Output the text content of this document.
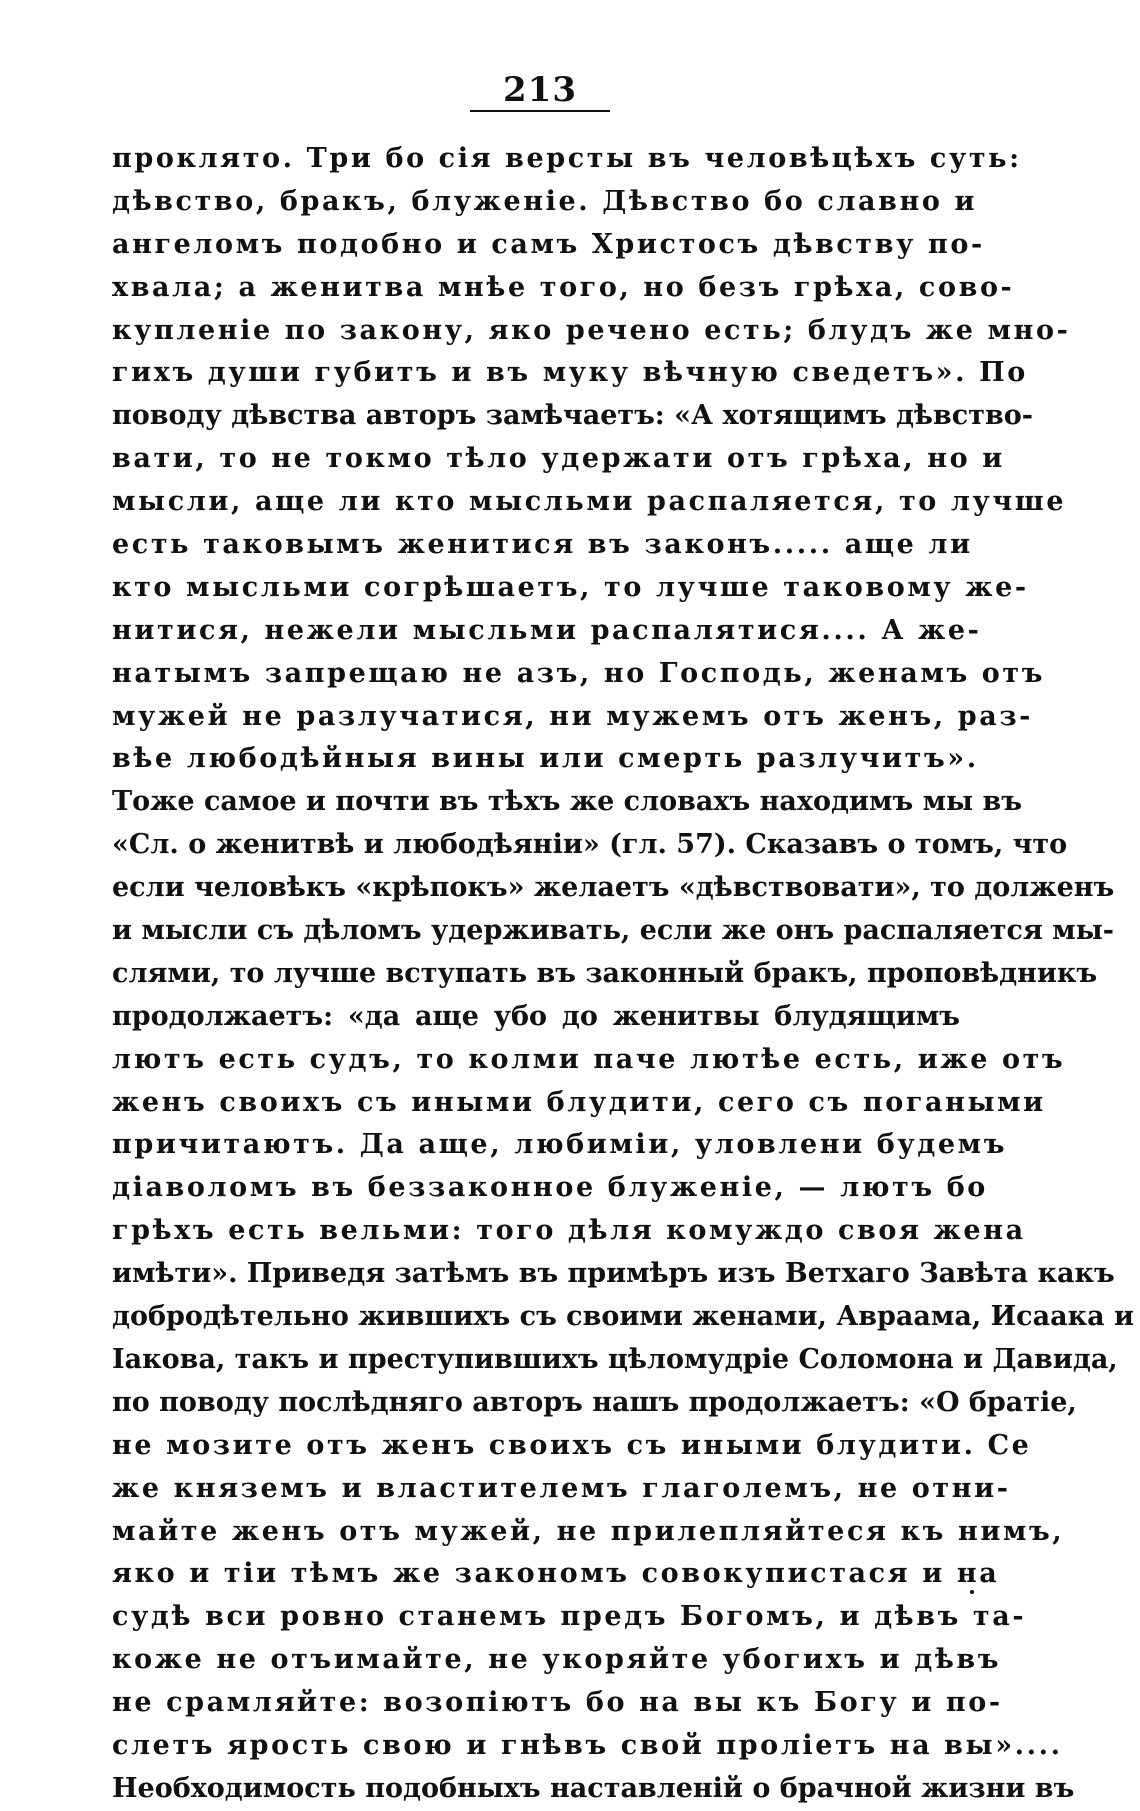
213
проклято. Три бо сія версты въ человѣцѣхъ суть:
дѣвство, бракъ, блуженіе. Дѣвство бо славно и
ангеломъ подобно и самъ Христосъ дѣвству по-
хвала; а женитва мнѣе того, но безъ грѣха, сово-
купленіе по закону, яко речено есть; блудъ же мно-
гихъ души губитъ и въ муку вѣчную сведетъ». По
поводу дѣвства авторъ замѣчаетъ: «А хотящимъ дѣвство-
вати, то не токмо тѣло удержати отъ грѣха, но и
мысли, аще ли кто мысльми распаляется, то лучше
есть таковымъ женитися въ законъ..... аще ли
кто мысльми согрѣшаетъ, то лучше таковому же-
нитися, нежели мысльми распалятися.... А же-
натымъ запрещаю не азъ, но Господь, женамъ отъ
мужей не разлучатися, ни мужемъ отъ женъ, раз-
вѣе любодѣйныя вины или смерть разлучитъ».
Тоже самое и почти въ тѣхъ же словахъ находимъ мы въ
«Сл. о женитвѣ и любодѣяніи» (гл. 57). Сказавъ о томъ, что
если человѣкъ «крѣпокъ» желаетъ «дѣвствовати», то долженъ
и мысли съ дѣломъ удерживать, если же онъ распаляется мы-
слями, то лучше вступать въ законный бракъ, проповѣдникъ
продолжаетъ: «да аще убо до женитвы блудящимъ
лютъ есть судъ, то колми паче лютѣе есть, иже отъ
женъ своихъ съ иными блудити, сего съ погаными
причитаютъ. Да аще, любиміи, уловлени будемъ
діаволомъ въ беззаконное блуженіе, — лютъ бо
грѣхъ есть вельми: того дѣля комуждо своя жена
имѣти». Приведя затѣмъ въ примѣръ изъ Ветхаго Завѣта какъ
добродѣтельно жившихъ съ своими женами, Авраама, Исаака и
Іакова, такъ и преступившихъ цѣломудріе Соломона и Давида,
по поводу послѣдняго авторъ нашъ продолжаетъ: «О братіе,
не мозите отъ женъ своихъ съ иными блудити. Се
же княземъ и властителемъ глаголемъ, не отни-
майте женъ отъ мужей, не прилепляйтеся къ нимъ,
яко и тіи тѣмъ же закономъ совокупистася и на
судѣ вси ровно станемъ предъ Богомъ, и дѣвъ та-
коже не отъимайте, не укоряйте убогихъ и дѣвъ
не срамляйте: возопіютъ бо на вы къ Богу и по-
слетъ ярость свою и гнѣвъ свой проліетъ на вы»....
Необходимость подобныхъ наставленій о брачной жизни въ
